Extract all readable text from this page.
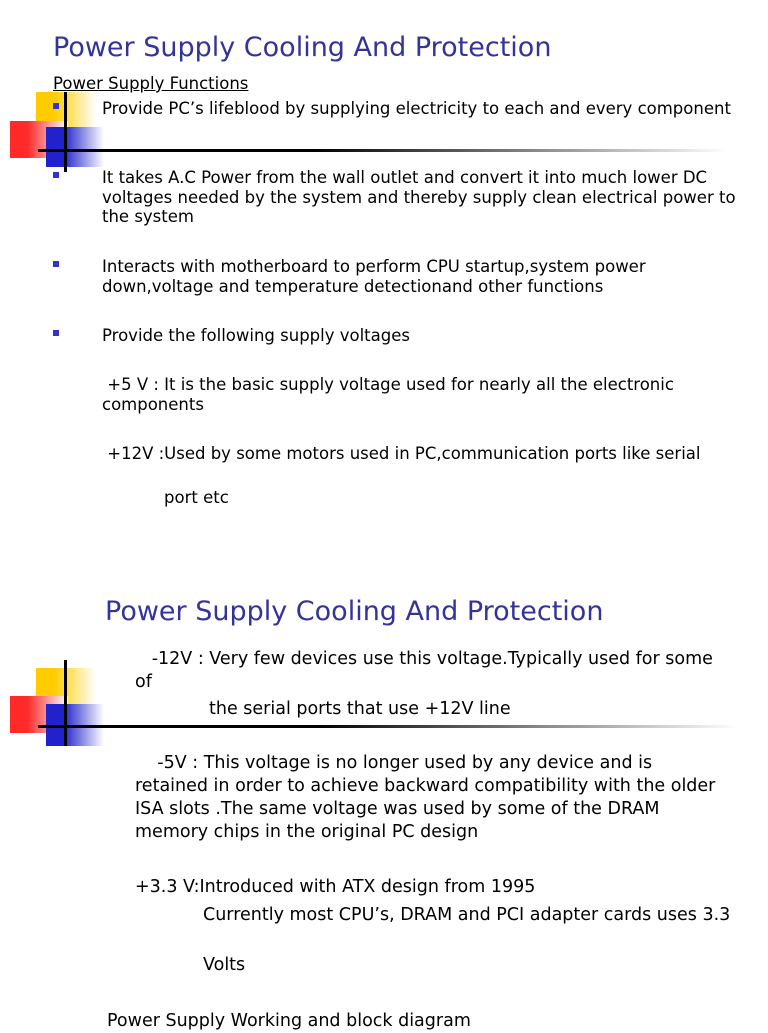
Power Supply Cooling And Protection
Power Supply Functions
Provide PC’s lifeblood by supplying electricity to each and every component
It takes A.C Power from the wall outlet and convert it into much lower DC voltages needed by the system and thereby supply clean electrical power to the system
Interacts with motherboard to perform CPU startup,system power down,voltage and temperature detectionand other functions
Provide the following supply voltages
+5 V : It is the basic supply voltage used for nearly all the electronic components
+12V :Used by some motors used in PC,communication ports like serial
port etc
Power Supply Cooling And Protection
-12V : Very few devices use this voltage.Typically used for some of
the serial ports that use +12V line
-5V : This voltage is no longer used by any device and is retained in order to achieve backward compatibility with the older ISA slots .The same voltage was used by some of the DRAM memory chips in the original PC design
+3.3 V:Introduced with ATX design from 1995
Currently most CPU’s, DRAM and PCI adapter cards uses 3.3
Volts
Power Supply Working and block diagram
